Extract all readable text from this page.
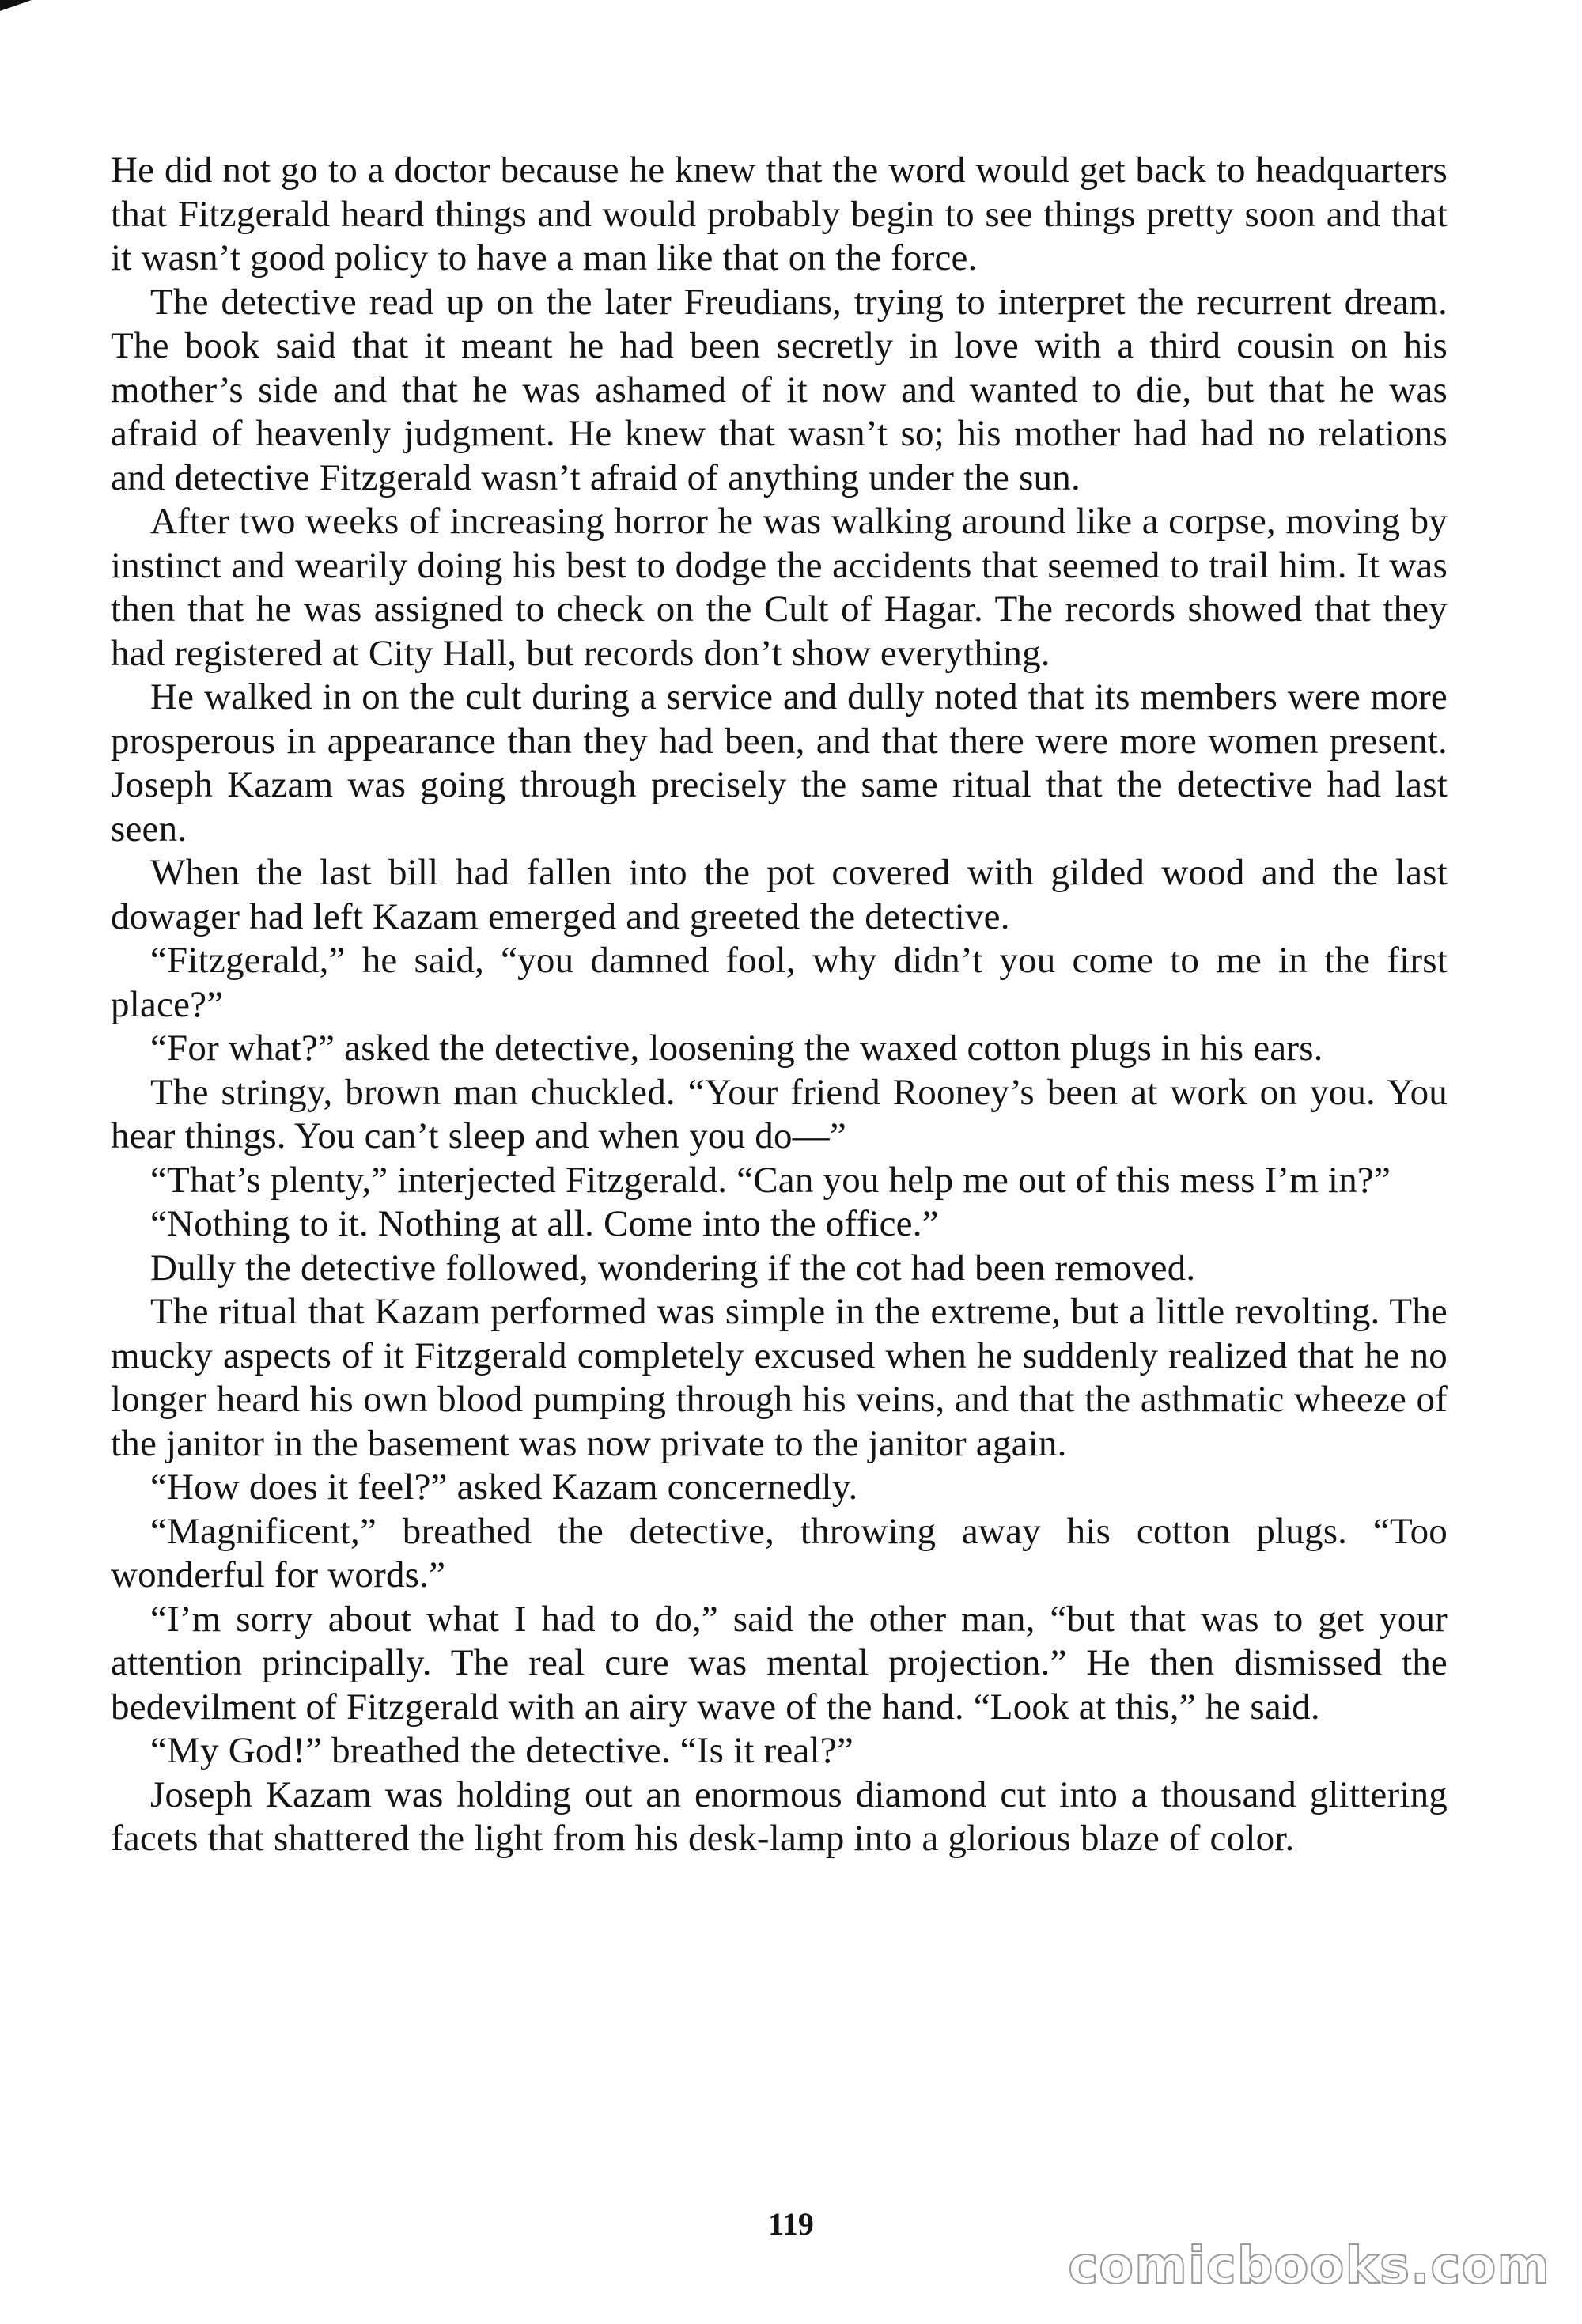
He did not go to a doctor because he knew that the word would get back to headquarters that Fitzgerald heard things and would probably begin to see things pretty soon and that it wasn’t good policy to have a man like that on the force.

The detective read up on the later Freudians, trying to interpret the recurrent dream. The book said that it meant he had been secretly in love with a third cousin on his mother’s side and that he was ashamed of it now and wanted to die, but that he was afraid of heavenly judgment. He knew that wasn’t so; his mother had had no relations and detective Fitzgerald wasn’t afraid of anything under the sun.

After two weeks of increasing horror he was walking around like a corpse, moving by instinct and wearily doing his best to dodge the accidents that seemed to trail him. It was then that he was assigned to check on the Cult of Hagar. The records showed that they had registered at City Hall, but records don’t show everything.

He walked in on the cult during a service and dully noted that its members were more prosperous in appearance than they had been, and that there were more women present. Joseph Kazam was going through precisely the same ritual that the detective had last seen.

When the last bill had fallen into the pot covered with gilded wood and the last dowager had left Kazam emerged and greeted the detective.

“Fitzgerald,” he said, “you damned fool, why didn’t you come to me in the first place?”

“For what?” asked the detective, loosening the waxed cotton plugs in his ears.

The stringy, brown man chuckled. “Your friend Rooney’s been at work on you. You hear things. You can’t sleep and when you do—”

“That’s plenty,” interjected Fitzgerald. “Can you help me out of this mess I’m in?”

“Nothing to it. Nothing at all. Come into the office.”

Dully the detective followed, wondering if the cot had been removed.

The ritual that Kazam performed was simple in the extreme, but a little revolting. The mucky aspects of it Fitzgerald completely excused when he suddenly realized that he no longer heard his own blood pumping through his veins, and that the asthmatic wheeze of the janitor in the basement was now private to the janitor again.

“How does it feel?” asked Kazam concernedly.

“Magnificent,” breathed the detective, throwing away his cotton plugs. “Too wonderful for words.”

“I’m sorry about what I had to do,” said the other man, “but that was to get your attention principally. The real cure was mental projection.” He then dismissed the bedevilment of Fitzgerald with an airy wave of the hand. “Look at this,” he said.

“My God!” breathed the detective. “Is it real?”

Joseph Kazam was holding out an enormous diamond cut into a thousand glittering facets that shattered the light from his desk-lamp into a glorious blaze of color.

119
comicbooks.com
